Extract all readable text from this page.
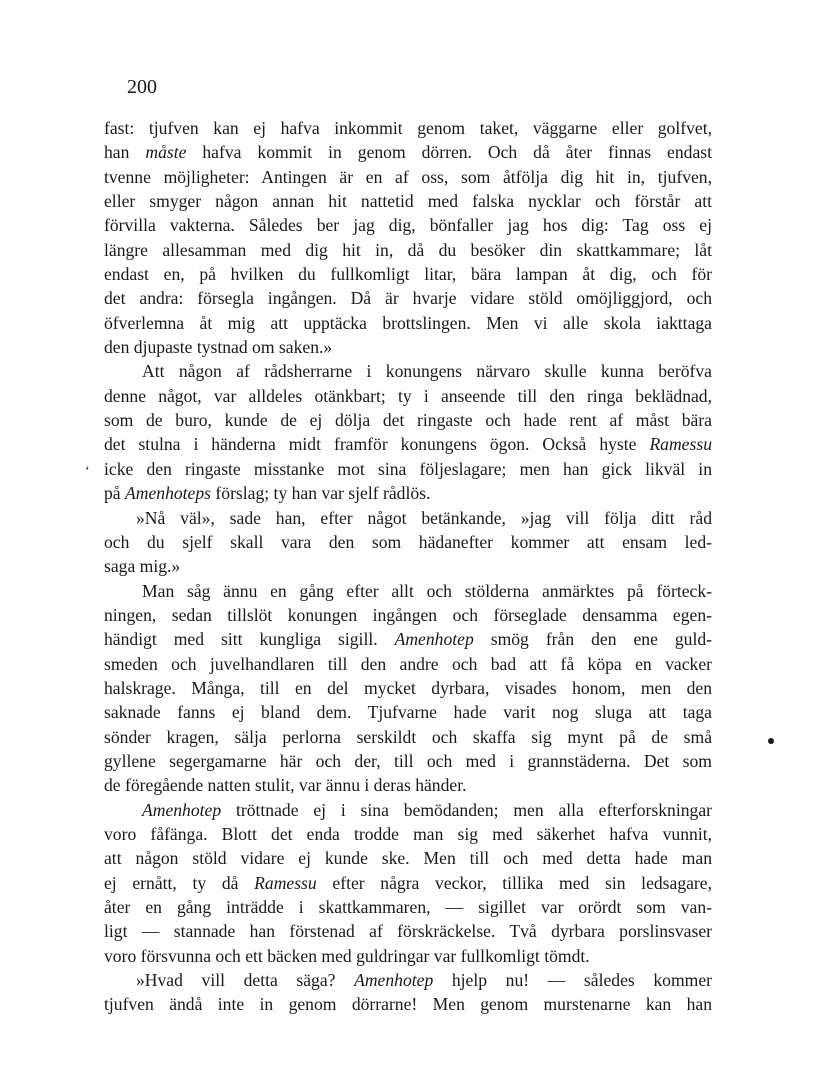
200
‘
fast: tjufven kan ej hafva inkommit genom taket, väggarne eller golfvet,
han måste hafva kommit in genom dörren. Och då åter finnas endast
tvenne möjligheter: Antingen är en af oss, som åtfölja dig hit in, tjufven,
eller smyger någon annan hit nattetid med falska nycklar och förstår att
förvilla vakterna. Således ber jag dig, bönfaller jag hos dig: Tag oss ej
längre allesamman med dig hit in, då du besöker din skattkammare; låt
endast en, på hvilken du fullkomligt litar, bära lampan åt dig, och för
det andra: försegla ingången. Då är hvarje vidare stöld omöjliggjord, och
öfverlemna åt mig att upptäcka brottslingen. Men vi alle skola iakttaga
den djupaste tystnad om saken.»
Att någon af rådsherrarne i konungens närvaro skulle kunna beröfva
denne något, var alldeles otänkbart; ty i anseende till den ringa beklädnad,
som de buro, kunde de ej dölja det ringaste och hade rent af måst bära
det stulna i händerna midt framför konungens ögon. Också hyste Ramessu
icke den ringaste misstanke mot sina följeslagare; men han gick likväl in
på Amenhoteps förslag; ty han var sjelf rådlös.
»Nå väl», sade han, efter något betänkande, »jag vill följa ditt råd
och du sjelf skall vara den som hädanefter kommer att ensam led-
saga mig.»
Man såg ännu en gång efter allt och stölderna anmärktes på förteck-
ningen, sedan tillslöt konungen ingången och förseglade densamma egen-
händigt med sitt kungliga sigill. Amenhotep smög från den ene guld-
smeden och juvelhandlaren till den andre och bad att få köpa en vacker
halskrage. Många, till en del mycket dyrbara, visades honom, men den
saknade fanns ej bland dem. Tjufvarne hade varit nog sluga att taga
sönder kragen, sälja perlorna serskildt och skaffa sig mynt på de små
gyllene segergamarne här och der, till och med i grannstäderna. Det som
de föregående natten stulit, var ännu i deras händer.
Amenhotep tröttnade ej i sina bemödanden; men alla efterforskningar
voro fåfänga. Blott det enda trodde man sig med säkerhet hafva vunnit,
att någon stöld vidare ej kunde ske. Men till och med detta hade man
ej ernått, ty då Ramessu efter några veckor, tillika med sin ledsagare,
åter en gång inträdde i skattkammaren, — sigillet var orördt som van-
ligt — stannade han förstenad af förskräckelse. Två dyrbara porslinsvaser
voro försvunna och ett bäcken med guldringar var fullkomligt tömdt.
»Hvad vill detta säga? Amenhotep hjelp nu! — således kommer
tjufven ändå inte in genom dörrarne! Men genom murstenarne kan han
